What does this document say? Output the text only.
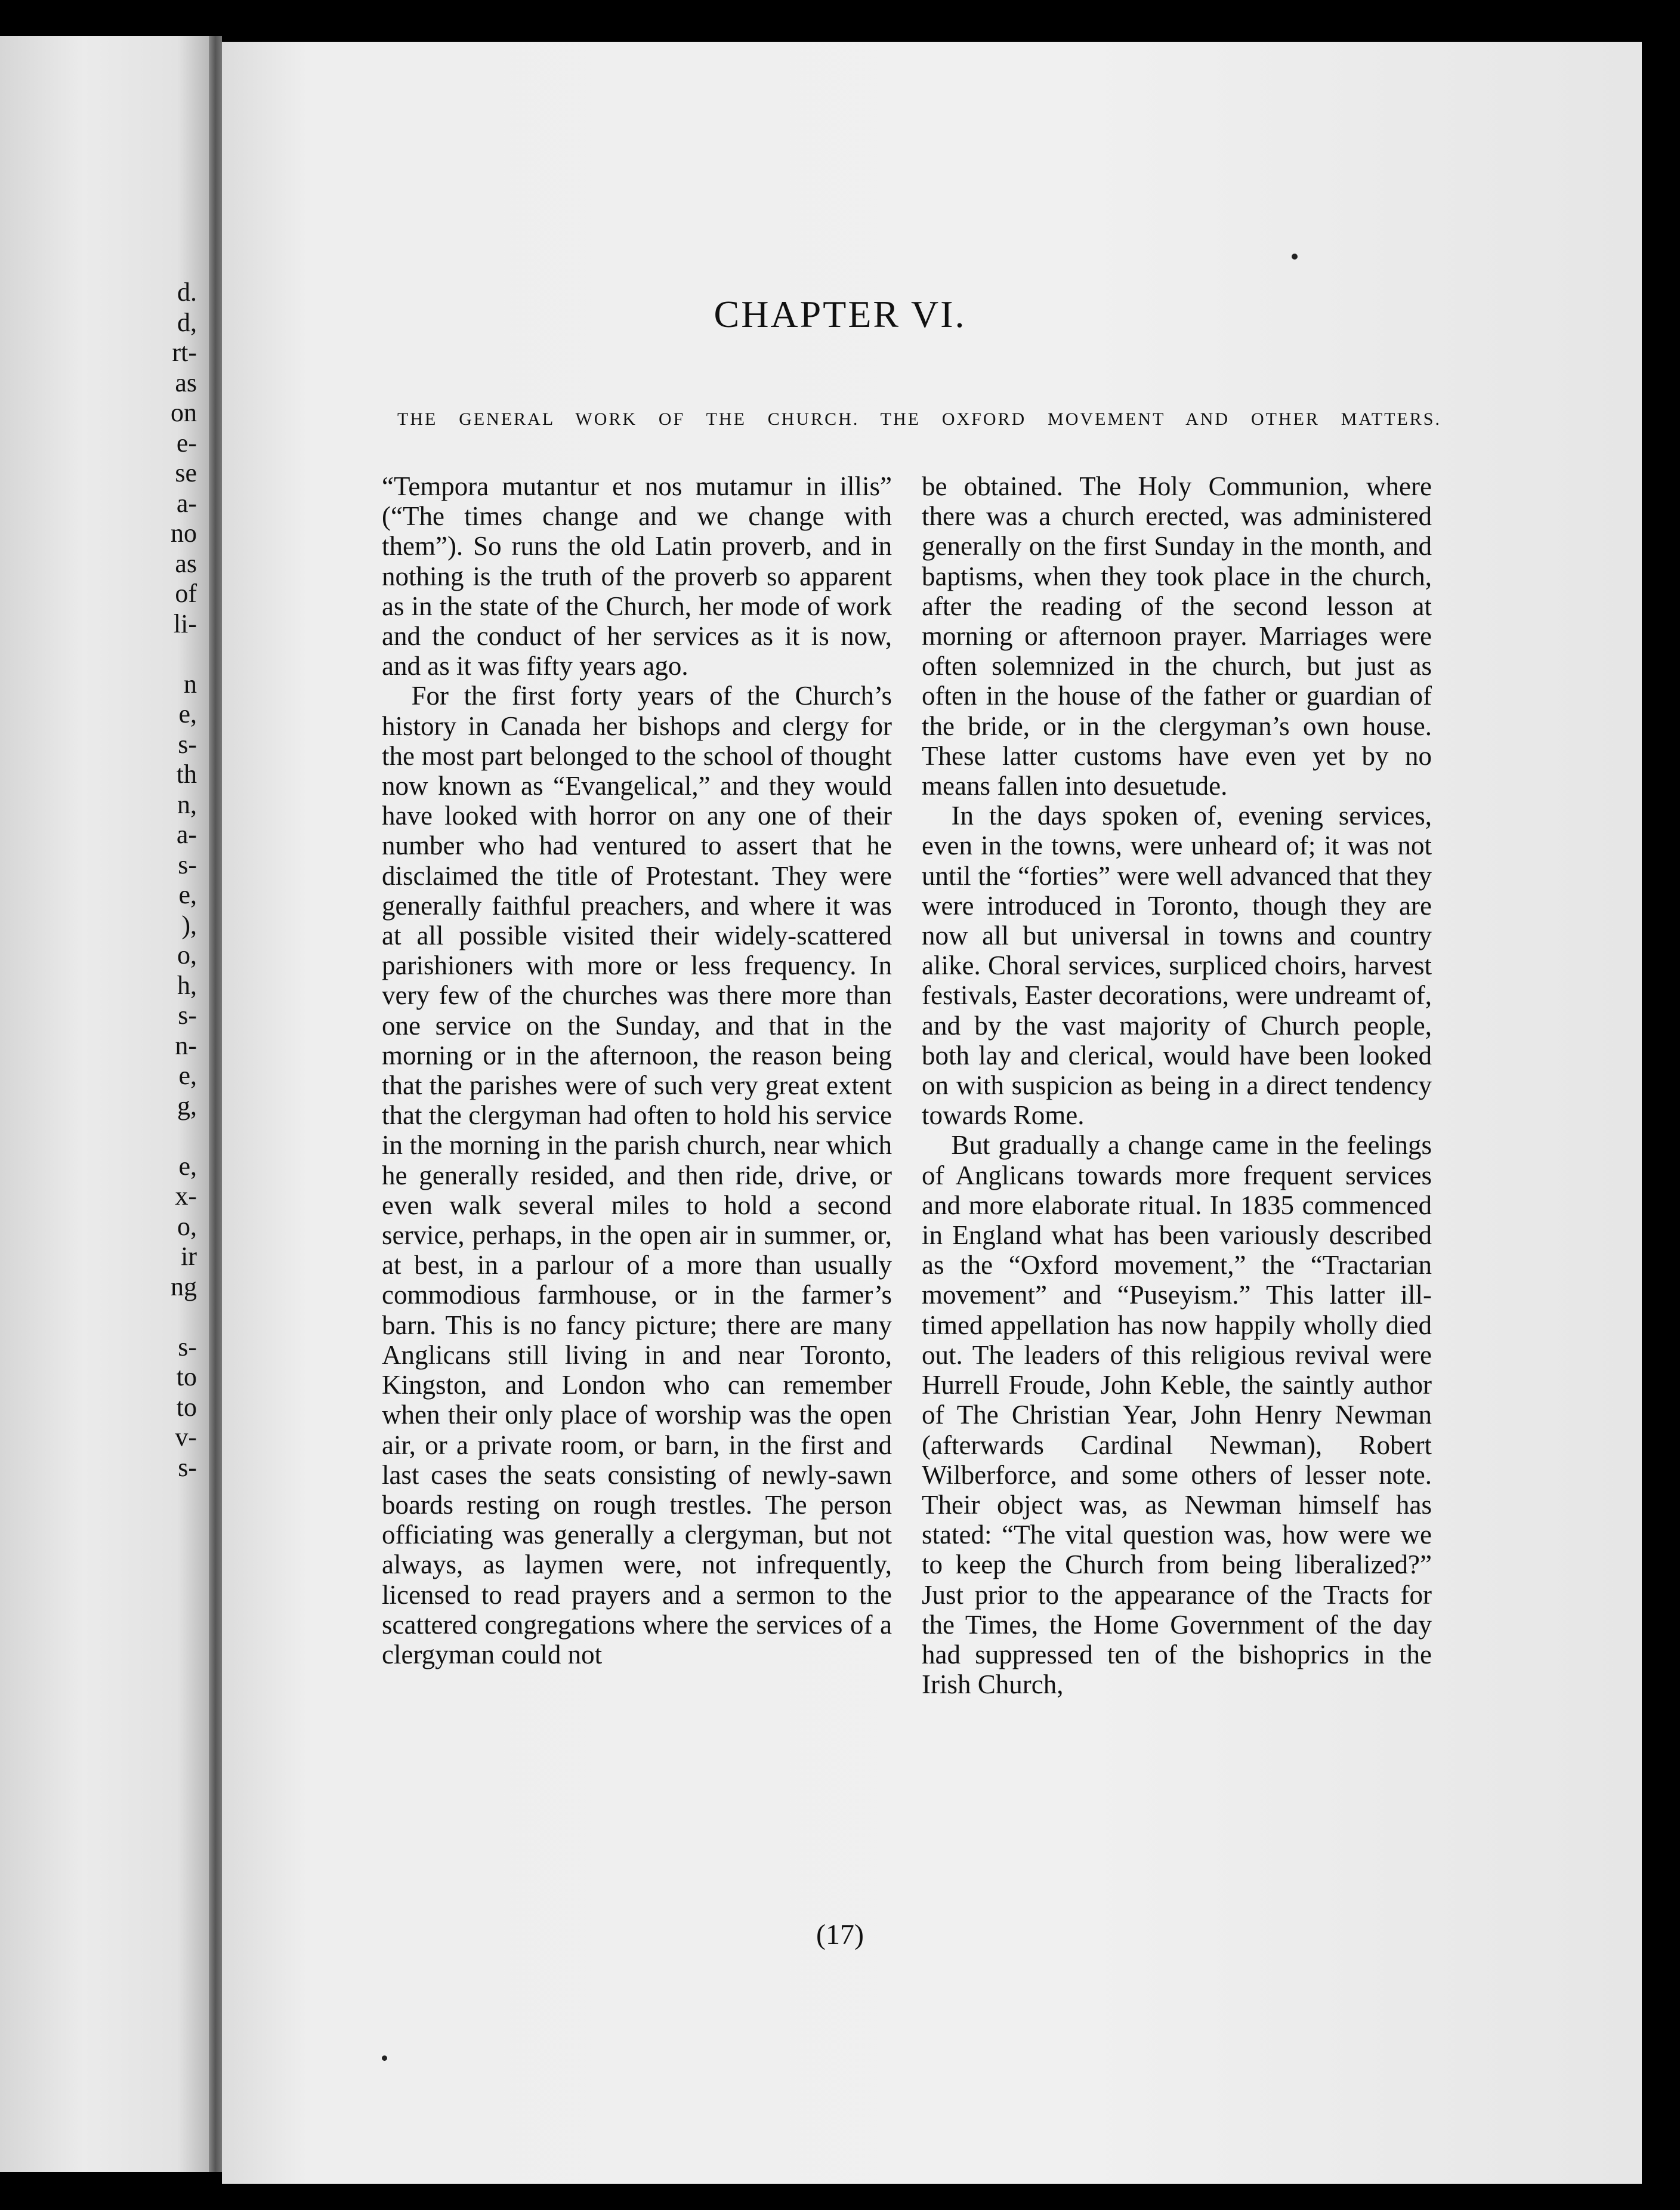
d.
d,
rt-
as
on
e-
se
a-
no
as
of
li-
n
e,
s-
th
n,
a-
s-
e,
),
o,
h,
s-
n-
e,
g,
e,
x-
o,
ir
ng
s-
to
to
v-
s-
CHAPTER VI.
THE GENERAL WORK OF THE CHURCH. THE OXFORD MOVEMENT AND OTHER MATTERS.

“Tempora mutantur et nos mutamur in illis” (“The times change and we change with them”). So runs the old Latin proverb, and in nothing is the truth of the proverb so apparent as in the state of the Church, her mode of work and the conduct of her services as it is now, and as it was fifty years ago.

For the first forty years of the Church’s history in Canada her bishops and clergy for the most part belonged to the school of thought now known as “Evangelical,” and they would have looked with horror on any one of their number who had ventured to assert that he disclaimed the title of Protestant. They were generally faithful preachers, and where it was at all possible visited their widely-scattered parishioners with more or less frequency. In very few of the churches was there more than one service on the Sunday, and that in the morning or in the afternoon, the reason being that the parishes were of such very great extent that the clergyman had often to hold his service in the morning in the parish church, near which he generally resided, and then ride, drive, or even walk several miles to hold a second service, perhaps, in the open air in summer, or, at best, in a parlour of a more than usually commodious farmhouse, or in the farmer’s barn. This is no fancy picture; there are many Anglicans still living in and near Toronto, Kingston, and London who can remember when their only place of worship was the open air, or a private room, or barn, in the first and last cases the seats consisting of newly-sawn boards resting on rough trestles. The person officiating was generally a clergyman, but not always, as laymen were, not infrequently, licensed to read prayers and a sermon to the scattered congregations where the services of a clergyman could not

be obtained. The Holy Communion, where there was a church erected, was administered generally on the first Sunday in the month, and baptisms, when they took place in the church, after the reading of the second lesson at morning or afternoon prayer. Marriages were often solemnized in the church, but just as often in the house of the father or guardian of the bride, or in the clergyman’s own house. These latter customs have even yet by no means fallen into desuetude.

In the days spoken of, evening services, even in the towns, were unheard of; it was not until the “forties” were well advanced that they were introduced in Toronto, though they are now all but universal in towns and country alike. Choral services, surpliced choirs, harvest festivals, Easter decorations, were undreamt of, and by the vast majority of Church people, both lay and clerical, would have been looked on with suspicion as being in a direct tendency towards Rome.

But gradually a change came in the feelings of Anglicans towards more frequent services and more elaborate ritual. In 1835 commenced in England what has been variously described as the “Oxford movement,” the “Tractarian movement” and “Puseyism.” This latter ill-timed appellation has now happily wholly died out. The leaders of this religious revival were Hurrell Froude, John Keble, the saintly author of The Christian Year, John Henry Newman (afterwards Cardinal Newman), Robert Wilberforce, and some others of lesser note. Their object was, as Newman himself has stated: “The vital question was, how were we to keep the Church from being liberalized?” Just prior to the appearance of the Tracts for the Times, the Home Government of the day had suppressed ten of the bishoprics in the Irish Church,

(17)
